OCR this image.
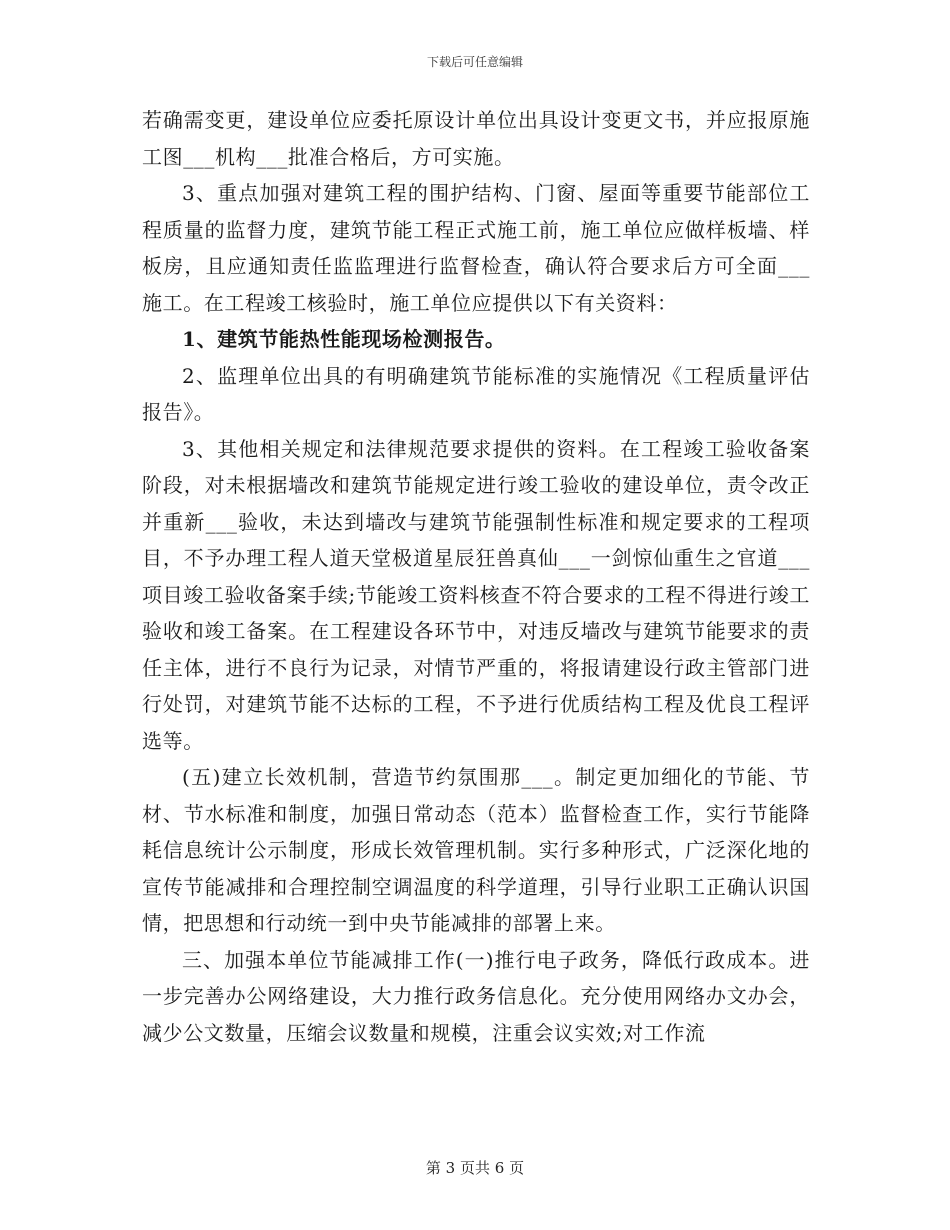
下载后可任意编辑

若确需变更，建设单位应委托原设计单位出具设计变更文书，并应报原施工图___机构___批准合格后，方可实施。

3、重点加强对建筑工程的围护结构、门窗、屋面等重要节能部位工程质量的监督力度，建筑节能工程正式施工前，施工单位应做样板墙、样板房，且应通知责任监监理进行监督检查，确认符合要求后方可全面___施工。在工程竣工核验时，施工单位应提供以下有关资料：

1、建筑节能热性能现场检测报告。

2、监理单位出具的有明确建筑节能标准的实施情况《工程质量评估报告》。

3、其他相关规定和法律规范要求提供的资料。在工程竣工验收备案阶段，对未根据墙改和建筑节能规定进行竣工验收的建设单位，责令改正并重新___验收，未达到墙改与建筑节能强制性标准和规定要求的工程项目，不予办理工程人道天堂极道星辰狂兽真仙___一剑惊仙重生之官道___项目竣工验收备案手续;节能竣工资料核查不符合要求的工程不得进行竣工验收和竣工备案。在工程建设各环节中，对违反墙改与建筑节能要求的责任主体，进行不良行为记录，对情节严重的，将报请建设行政主管部门进行处罚，对建筑节能不达标的工程，不予进行优质结构工程及优良工程评选等。

(五)建立长效机制，营造节约氛围那___。制定更加细化的节能、节材、节水标准和制度，加强日常动态（范本）监督检查工作，实行节能降耗信息统计公示制度，形成长效管理机制。实行多种形式，广泛深化地的宣传节能减排和合理控制空调温度的科学道理，引导行业职工正确认识国情，把思想和行动统一到中央节能减排的部署上来。

三、加强本单位节能减排工作(一)推行电子政务，降低行政成本。进一步完善办公网络建设，大力推行政务信息化。充分使用网络办文办会，减少公文数量，压缩会议数量和规模，注重会议实效;对工作流

第 3 页共 6 页
